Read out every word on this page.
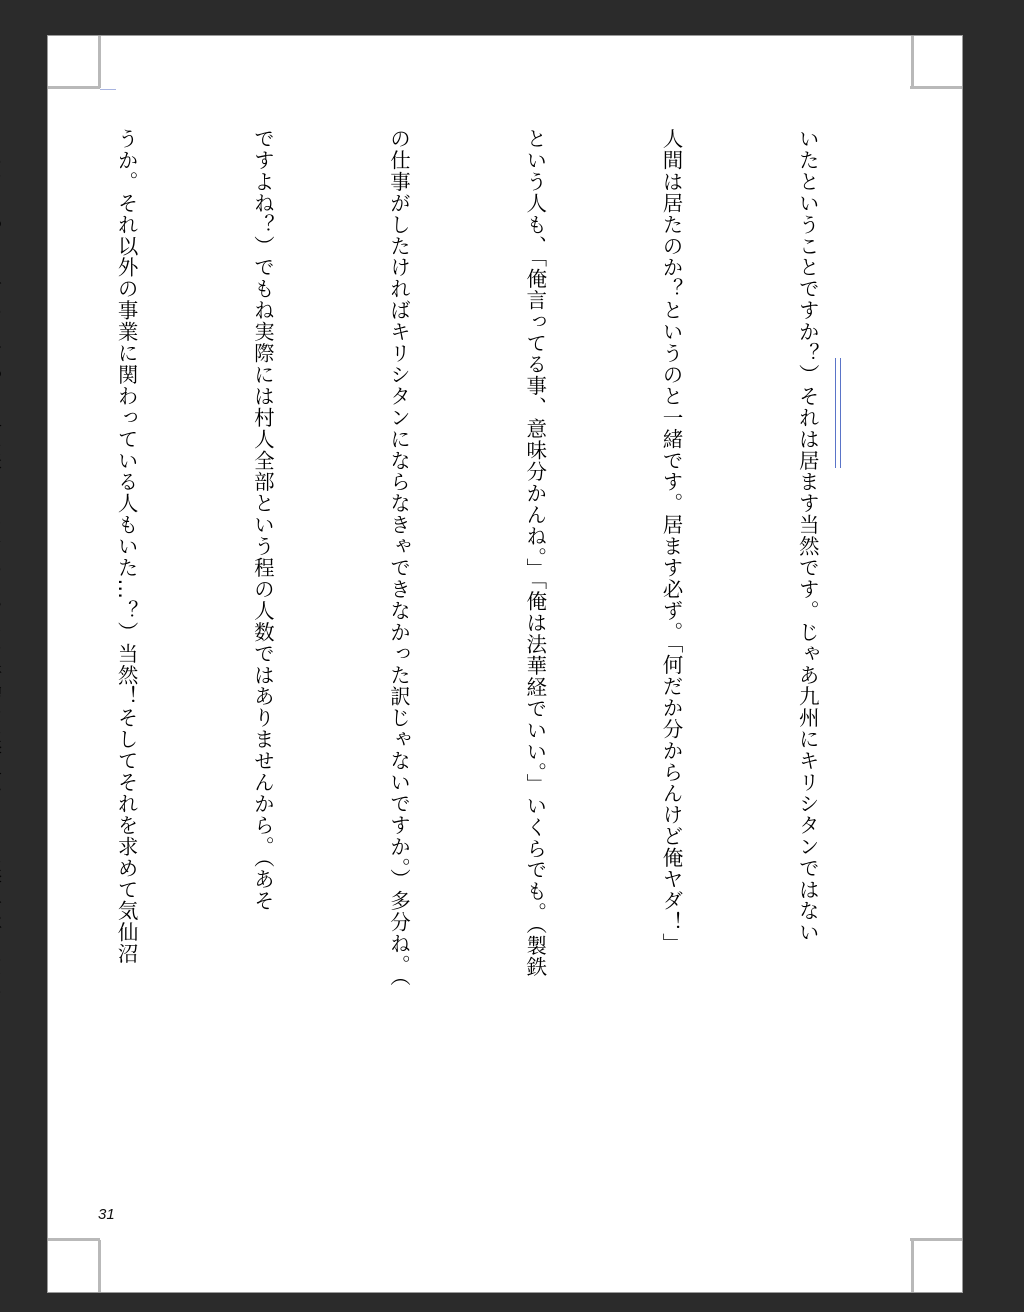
いたということですか？）それは居ます当然です。じゃあ九州にキリシタンではない

人間は居たのか？というのと一緒です。居ます必ず。「何だか分からんけど俺ヤダ！」

という人も、「俺言ってる事、意味分かんね。」「俺は法華経でいい。」いくらでも。（製鉄

の仕事がしたければキリシタンにならなきゃできなかった訳じゃないですか。）多分ね。（

ですよね？）でもね実際には村人全部という程の人数ではありませんから。（あそ

うか。それ以外の事業に関わっている人もいた…？）当然！そしてそれを求めて気仙沼

31
